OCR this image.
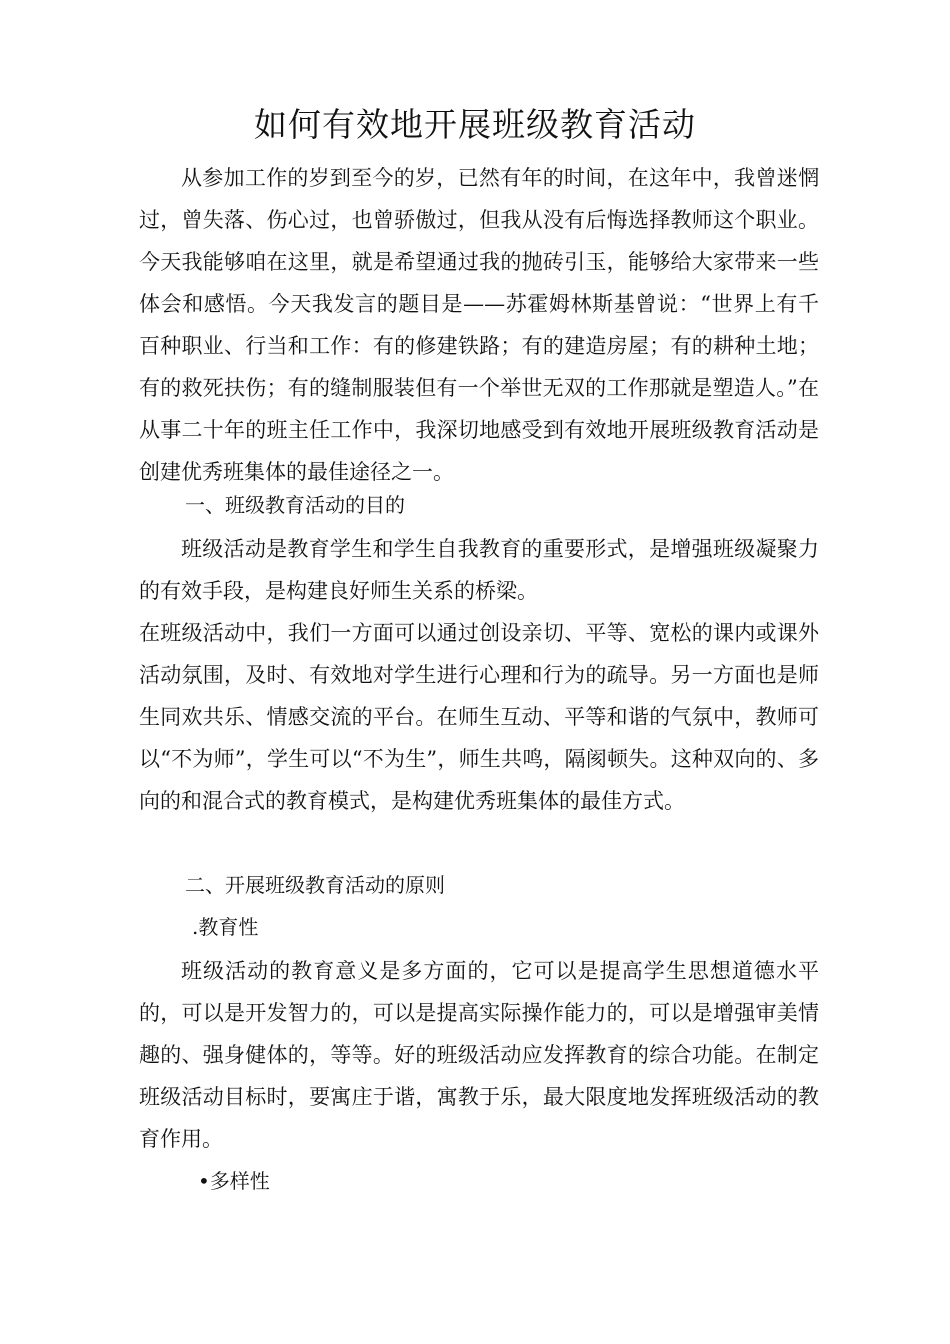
如何有效地开展班级教育活动

从参加工作的岁到至今的岁，已然有年的时间，在这年中，我曾迷惘过，曾失落、伤心过，也曾骄傲过，但我从没有后悔选择教师这个职业。今天我能够咱在这里，就是希望通过我的抛砖引玉，能够给大家带来一些体会和感悟。今天我发言的题目是——苏霍姆林斯基曾说：“世界上有千百种职业、行当和工作：有的修建铁路；有的建造房屋；有的耕种土地；有的救死扶伤；有的缝制服装但有一个举世无双的工作那就是塑造人。”在从事二十年的班主任工作中，我深切地感受到有效地开展班级教育活动是创建优秀班集体的最佳途径之一。

一、班级教育活动的目的

班级活动是教育学生和学生自我教育的重要形式，是增强班级凝聚力的有效手段，是构建良好师生关系的桥梁。

在班级活动中，我们一方面可以通过创设亲切、平等、宽松的课内或课外活动氛围，及时、有效地对学生进行心理和行为的疏导。另一方面也是师生同欢共乐、情感交流的平台。在师生互动、平等和谐的气氛中，教师可以“不为师”，学生可以“不为生”，师生共鸣，隔阂顿失。这种双向的、多向的和混合式的教育模式，是构建优秀班集体的最佳方式。

二、开展班级教育活动的原则

.教育性

班级活动的教育意义是多方面的，它可以是提高学生思想道德水平的，可以是开发智力的，可以是提高实际操作能力的，可以是增强审美情趣的、强身健体的，等等。好的班级活动应发挥教育的综合功能。在制定班级活动目标时，要寓庄于谐，寓教于乐，最大限度地发挥班级活动的教育作用。

•多样性
